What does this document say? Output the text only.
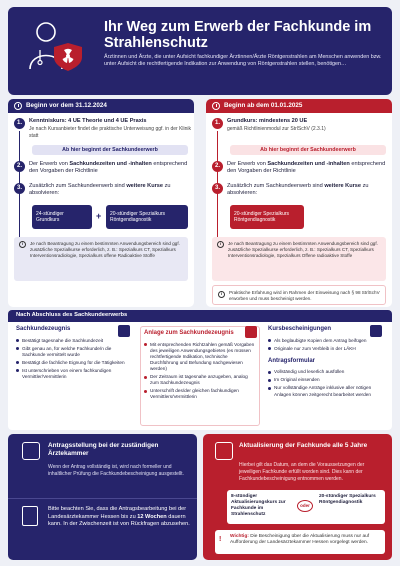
Ihr Weg zum Erwerb der Fachkunde im Strahlenschutz
Ärztinnen und Ärzte, die unter Aufsicht fachkundiger Ärztinnen/Ärzte Röntgenstrahlen am Menschen anwenden bzw. unter Aufsicht die rechtfertigende Indikation zur Anwendung von Röntgenstrahlen stellen, benötigen…
Beginn vor dem 31.12.2024
1.	Kenntniskurs: 4 UE Theorie und 4 UE Praxis
Je nach Kursanbieter findet die praktische Unterweisung ggf. in der Klinik statt
Ab hier beginnt der Sachkundeerwerb
2.	Der Erwerb von Sachkundezeiten und -inhalten entsprechend den Vorgaben der Richtlinie
3.	Zusätzlich zum Sachkundeerwerb sind weitere Kurse zu absolvieren:
24-stündiger Grundkurs	+	20-stündiger Spezialkurs Röntgendiagnostik
i	Je nach Beantragung zu einem bestimmten Anwendungsbereich sind ggf. zusätzliche Spezialkurse erforderlich, z. B.: Spezialkurs CT, Spezialkurs Interventionsradiologie, Spezialkurs offene Radioaktive Stoffe
Beginn ab dem 01.01.2025
1.	Grundkurs: mindestens 20 UE
gemäß Richtlinienmodul zur StrlSchV (2.3.1)
Ab hier beginnt der Sachkundeerwerb
2.	Der Erwerb von Sachkundezeiten und -inhalten entsprechend den Vorgaben der Richtlinie
3.	Zusätzlich zum Sachkundeerwerb sind weitere Kurse zu absolvieren:
20-stündiger Spezialkurs Röntgendiagnostik
i	Je nach Beantragung zu einem bestimmten Anwendungsbereich sind ggf. zusätzliche Spezialkurse erforderlich, z. B.: Spezialkurs CT, Spezialkurs Interventionsradiologie, Spezialkurs Offene radioaktive Stoffe
i	Praktische Erfahrung wird im Rahmen der Einweisung nach § 98 StrlSchV erworben und muss bescheinigt werden.
Nach Abschluss des Sachkundeerwerbs
Sachkundezeugnis
Bestätigt tagesnahe die Sachkundezeit
Gibt genau an, für welche Fachkunde/n die Sachkunde vermittelt wurde
Bestätigt die fachliche Eignung für die Tätigkeiten
Ist unterschrieben von einem fachkundigen Vermittler/Vermittlerin
Anlage zum Sachkundezeugnis
Mit entsprechenden Richtzahlen gemäß Vorgaben des jeweiligen Anwendungsgebietes (es müssen rechtfertigende Indikation, technische Durchführung und Befundung nachgewiesen werden)
Der Zeitraum ist tagesnahe anzugeben, analog zum Sachkundezeugnis
Unterschrift des/der gleichen fachkundigen Vermittlers/Vermittlerin
Kursbescheinigungen
Als beglaubigte Kopien dem Antrag beifügen
Originale nur zum Verbleib in der LÄKH
Antragsformular
Vollständig und leserlich ausfüllen
Im Original einsenden
Nur vollständige Anträge inklusive aller nötigen Anlagen können zeitgerecht bearbeitet werden
Antragsstellung bei der zuständigen Ärztekammer

Wenn der Antrag vollständig ist, wird nach formeller und inhaltlicher Prüfung die Fachkundebescheinigung ausgestellt.

Bitte beachten Sie, dass die Antragsbearbeitung bei der Landesärztekammer Hessen bis zu 12 Wochen dauern kann. In der Zwischenzeit ist von Rückfragen abzusehen.

Aktualisierung der Fachkunde alle 5 Jahre

Hierbei gilt das Datum, an dem die Voraussetzungen der jeweiligen Fachkunde erfüllt worden sind. Dies kann der Fachkundebescheinigung entnommen werden.

8-stündiger Aktualisierungskurs zur Fachkunde im Strahlenschutz
oder
20-stündiger Spezialkurs Röntgendiagnostik
!	Wichtig: Die Bescheinigung über die Aktualisierung muss nur auf Aufforderung der Landesärztekammer Hessen vorgelegt werden.
